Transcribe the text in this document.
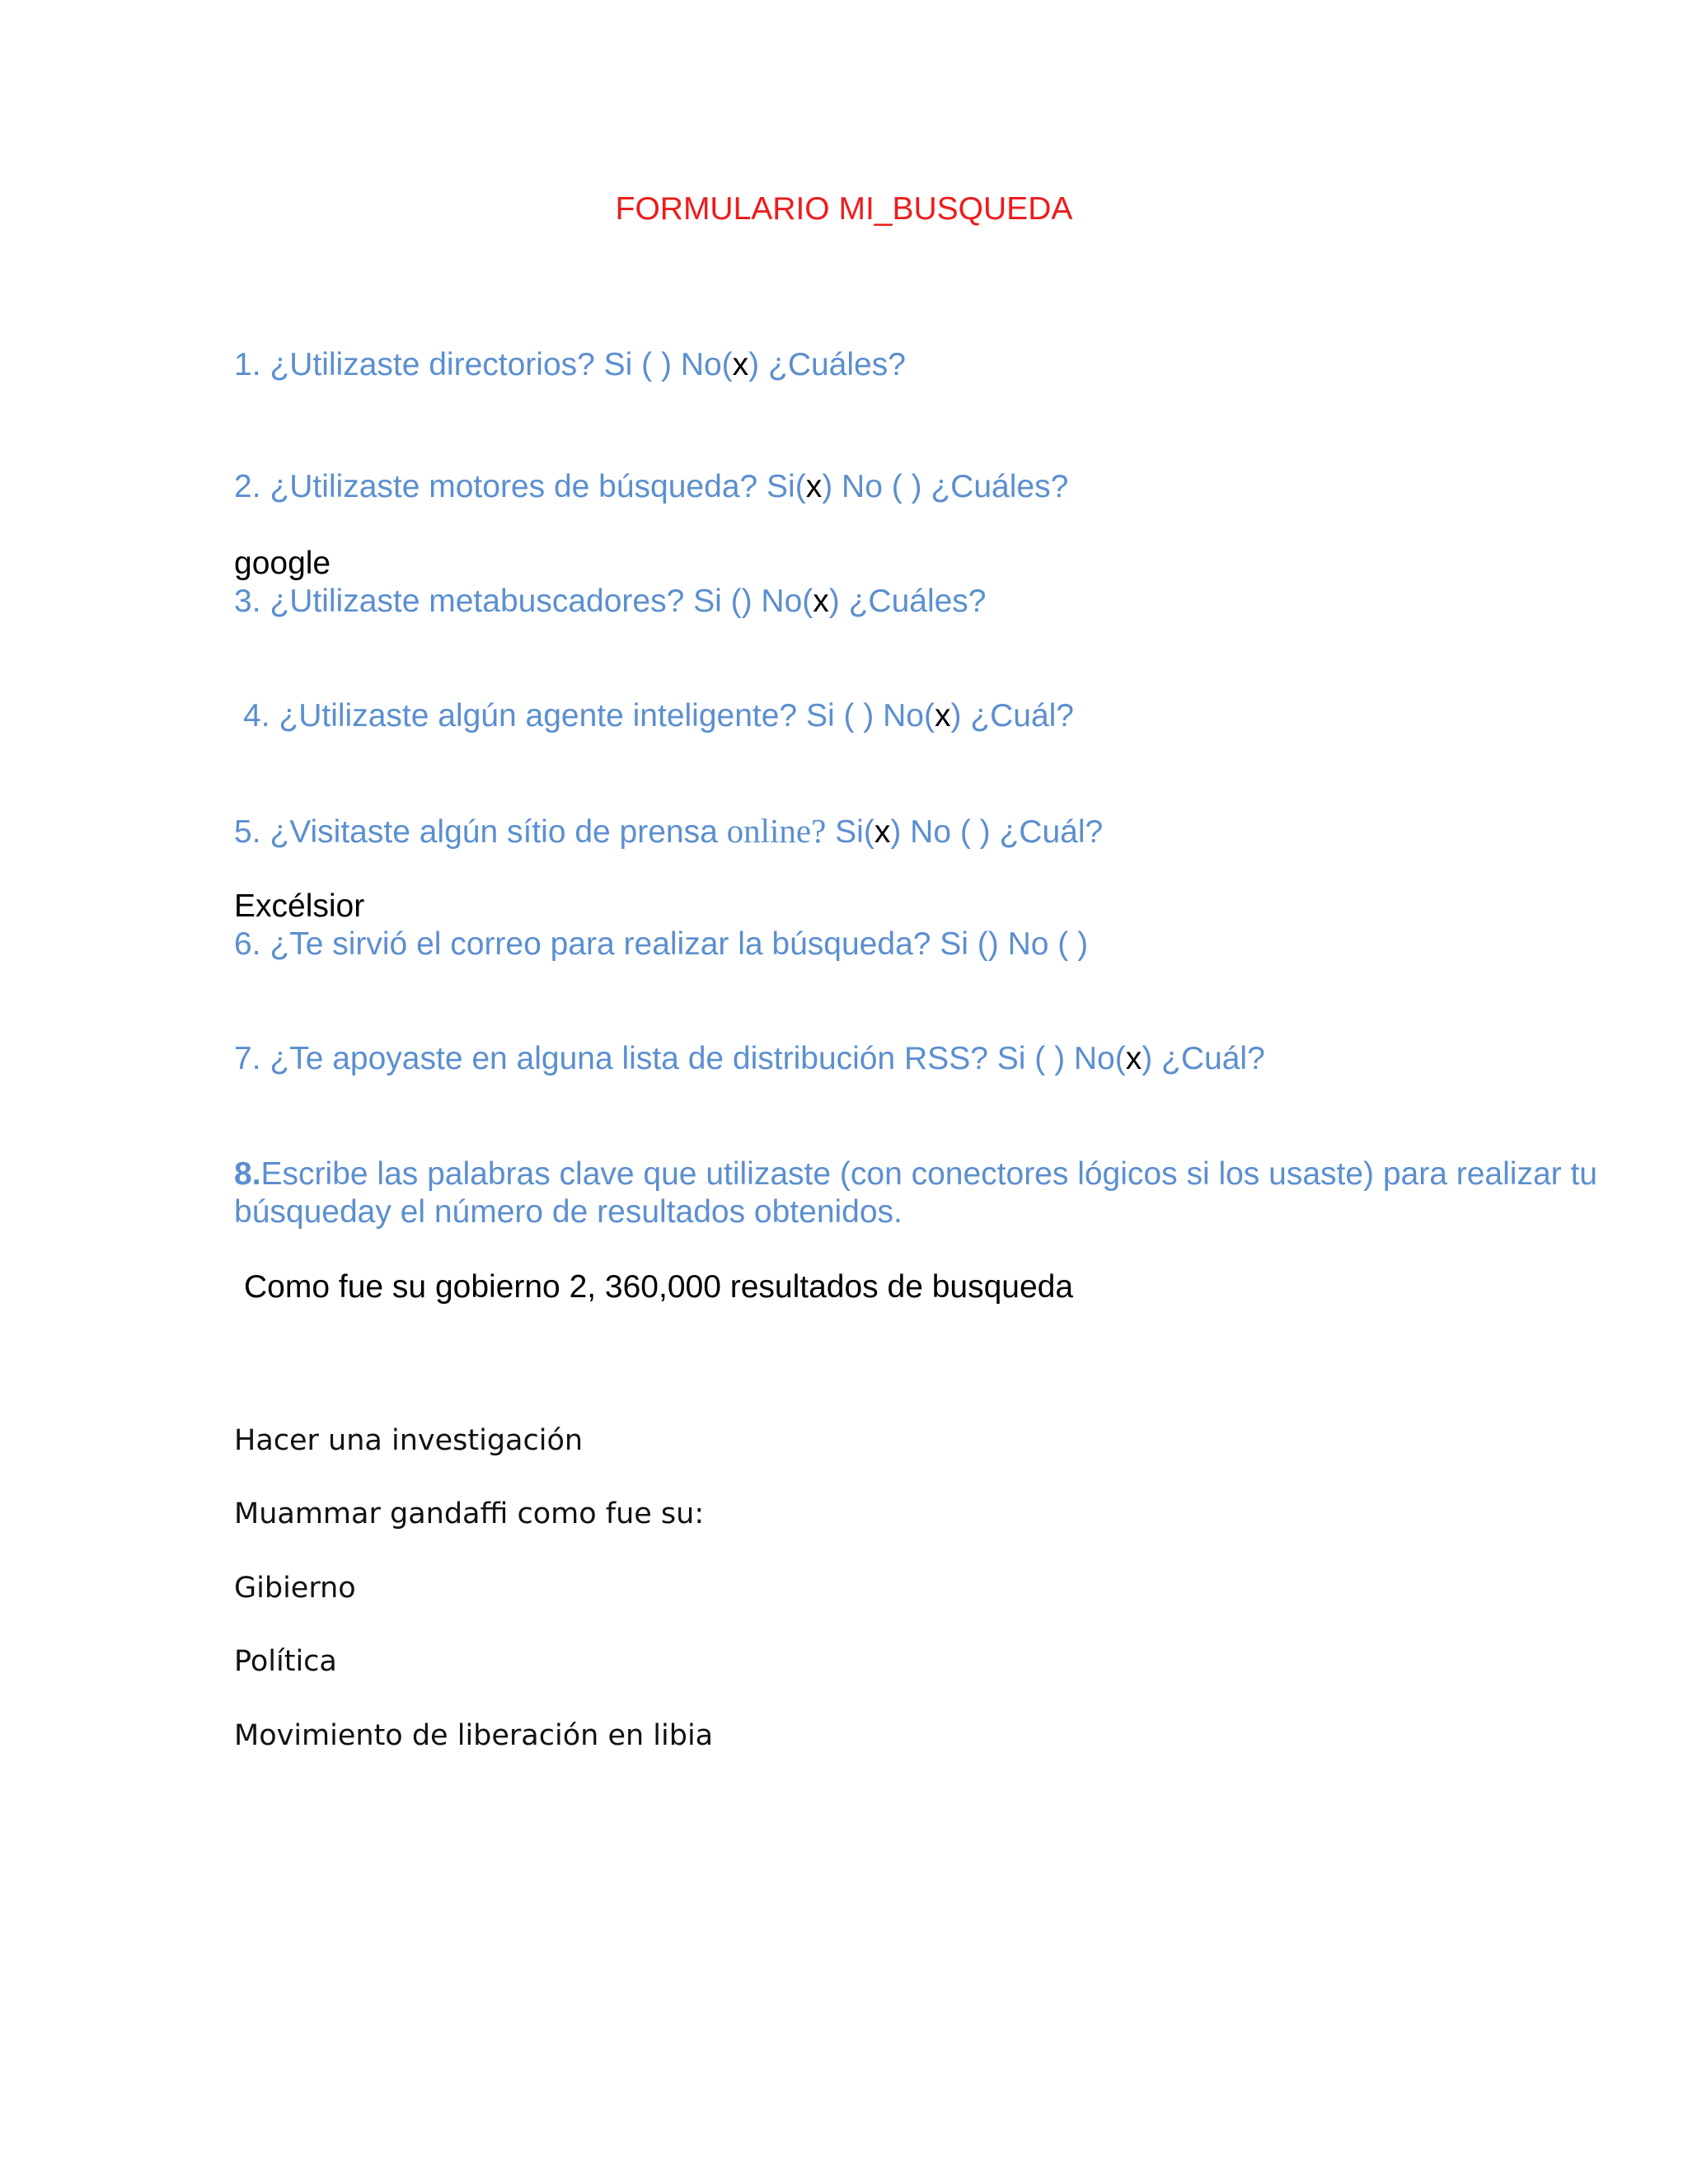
FORMULARIO MI_BUSQUEDA
1. ¿Utilizaste directorios? Si ( ) No(x) ¿Cuáles?
2. ¿Utilizaste motores de búsqueda? Si(x) No ( ) ¿Cuáles?
google
3. ¿Utilizaste metabuscadores? Si () No(x) ¿Cuáles?
4. ¿Utilizaste algún agente inteligente? Si ( ) No(x) ¿Cuál?
5. ¿Visitaste algún sítio de prensa online? Si(x) No ( ) ¿Cuál?
Excélsior
6. ¿Te sirvió el correo para realizar la búsqueda? Si () No ( )
7. ¿Te apoyaste en alguna lista de distribución RSS? Si ( ) No(x) ¿Cuál?
8.Escribe las palabras clave que utilizaste (con conectores lógicos si los usaste) para realizar tu búsqueday el número de resultados obtenidos.
Como fue su gobierno 2, 360,000 resultados de busqueda
Hacer una investigación
Muammar gandaffi como fue su:
Gibierno
Política
Movimiento de liberación en libia
